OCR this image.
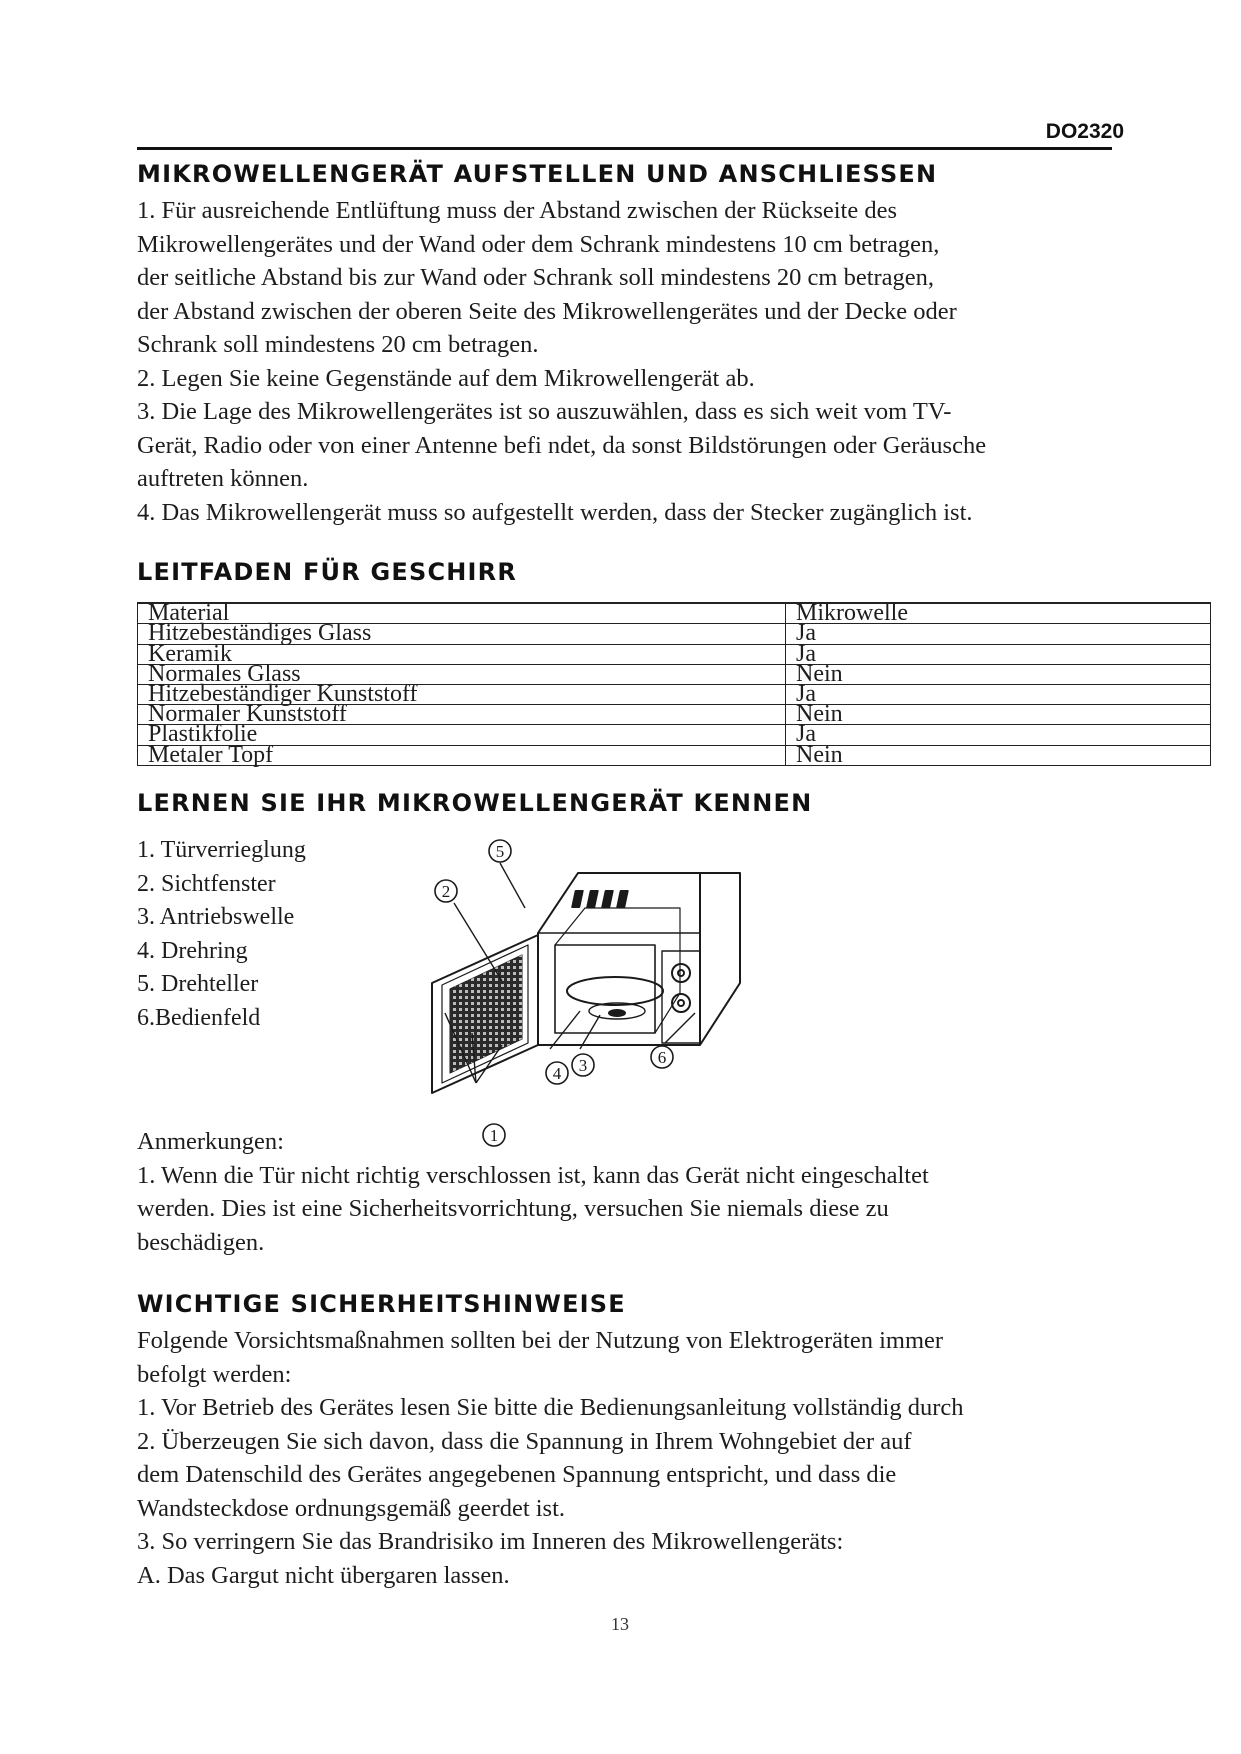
DO2320
MIKROWELLENGERÄT AUFSTELLEN UND ANSCHLIESSEN

1. Für ausreichende Entlüftung muss der Abstand zwischen der Rückseite des

Mikrowellengerätes und der Wand oder dem Schrank mindestens 10 cm betragen,

der seitliche Abstand bis zur Wand oder Schrank soll mindestens 20 cm betragen,

der Abstand zwischen der oberen Seite des Mikrowellengerätes und der Decke oder

Schrank soll mindestens 20 cm betragen.

2. Legen Sie keine Gegenstände auf dem Mikrowellengerät ab.

3. Die Lage des Mikrowellengerätes ist so auszuwählen, dass es sich weit vom TV-

Gerät, Radio oder von einer Antenne befi ndet, da sonst Bildstörungen oder Geräusche

auftreten können.

4. Das Mikrowellengerät muss so aufgestellt werden, dass der Stecker zugänglich ist.

LEITFADEN FÜR GESCHIRR
Material	Mikrowelle
Hitzebeständiges Glass	Ja
Keramik	Ja
Normales Glass	Nein
Hitzebeständiger Kunststoff	Ja
Normaler Kunststoff	Nein
Plastikfolie	Ja
Metaler Topf	Nein
LERNEN SIE IHR MIKROWELLENGERÄT KENNEN
1. Türverrieglung
2. Sichtfenster
3. Antriebswelle
4. Drehring
5. Drehteller
6.Bedienfeld
5
2
3
4
6
1

Anmerkungen:

1. Wenn die Tür nicht richtig verschlossen ist, kann das Gerät nicht eingeschaltet

werden. Dies ist eine Sicherheitsvorrichtung, versuchen Sie niemals diese zu

beschädigen.

WICHTIGE SICHERHEITSHINWEISE

Folgende Vorsichtsmaßnahmen sollten bei der Nutzung von Elektrogeräten immer

befolgt werden:

1. Vor Betrieb des Gerätes lesen Sie bitte die Bedienungsanleitung vollständig durch

2. Überzeugen Sie sich davon, dass die Spannung in Ihrem Wohngebiet der auf

dem Datenschild des Gerätes angegebenen Spannung entspricht, und dass die

Wandsteckdose ordnungsgemäß geerdet ist.

3. So verringern Sie das Brandrisiko im Inneren des Mikrowellengeräts:

A. Das Gargut nicht übergaren lassen.

13
